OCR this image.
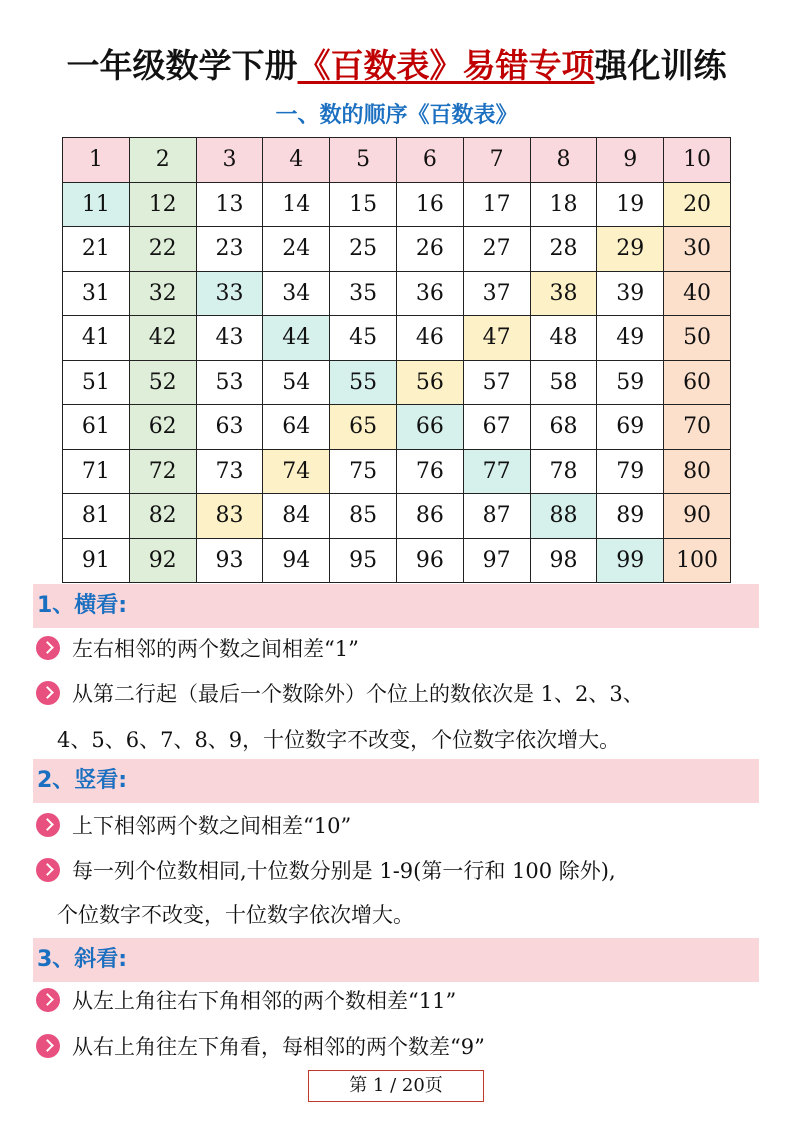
一年级数学下册《百数表》易错专项强化训练
一、数的顺序《百数表》
1	2	3	4	5	6	7	8	9	10
11	12	13	14	15	16	17	18	19	20
21	22	23	24	25	26	27	28	29	30
31	32	33	34	35	36	37	38	39	40
41	42	43	44	45	46	47	48	49	50
51	52	53	54	55	56	57	58	59	60
61	62	63	64	65	66	67	68	69	70
71	72	73	74	75	76	77	78	79	80
81	82	83	84	85	86	87	88	89	90
91	92	93	94	95	96	97	98	99	100
1、横看:
左右相邻的两个数之间相差“1”
从第二行起（最后一个数除外）个位上的数依次是 1、2、3、
4、5、6、7、8、9，十位数字不改变，个位数字依次增大。
2、竖看:
上下相邻两个数之间相差“10”
每一列个位数相同,十位数分别是 1-9(第一行和 100 除外),
个位数字不改变，十位数字依次增大。
3、斜看:
从左上角往右下角相邻的两个数相差“11”
从右上角往左下角看，每相邻的两个数差“9”
第 1 / 20页
